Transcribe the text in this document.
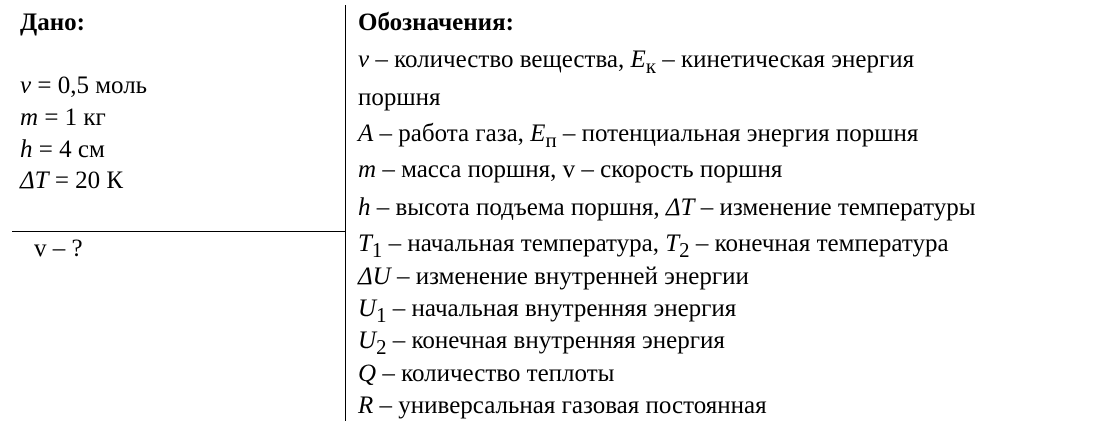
Дано:
ν = 0,5 моль
m = 1 кг
h = 4 см
ΔT = 20 К
v – ?
Обозначения:
ν – количество вещества, $E_к$ – кинетическая энергия
поршня
A – работа газа, $E_п$ – потенциальная энергия поршня
m – масса поршня, v – скорость поршня
h – высота подъема поршня, ΔT – изменение температуры
$T_1$ – начальная температура, $T_2$ – конечная температура
ΔU – изменение внутренней энергии
$U_1$ – начальная внутренняя энергия
$U_2$ – конечная внутренняя энергия
Q – количество теплоты
R – универсальная газовая постоянная
